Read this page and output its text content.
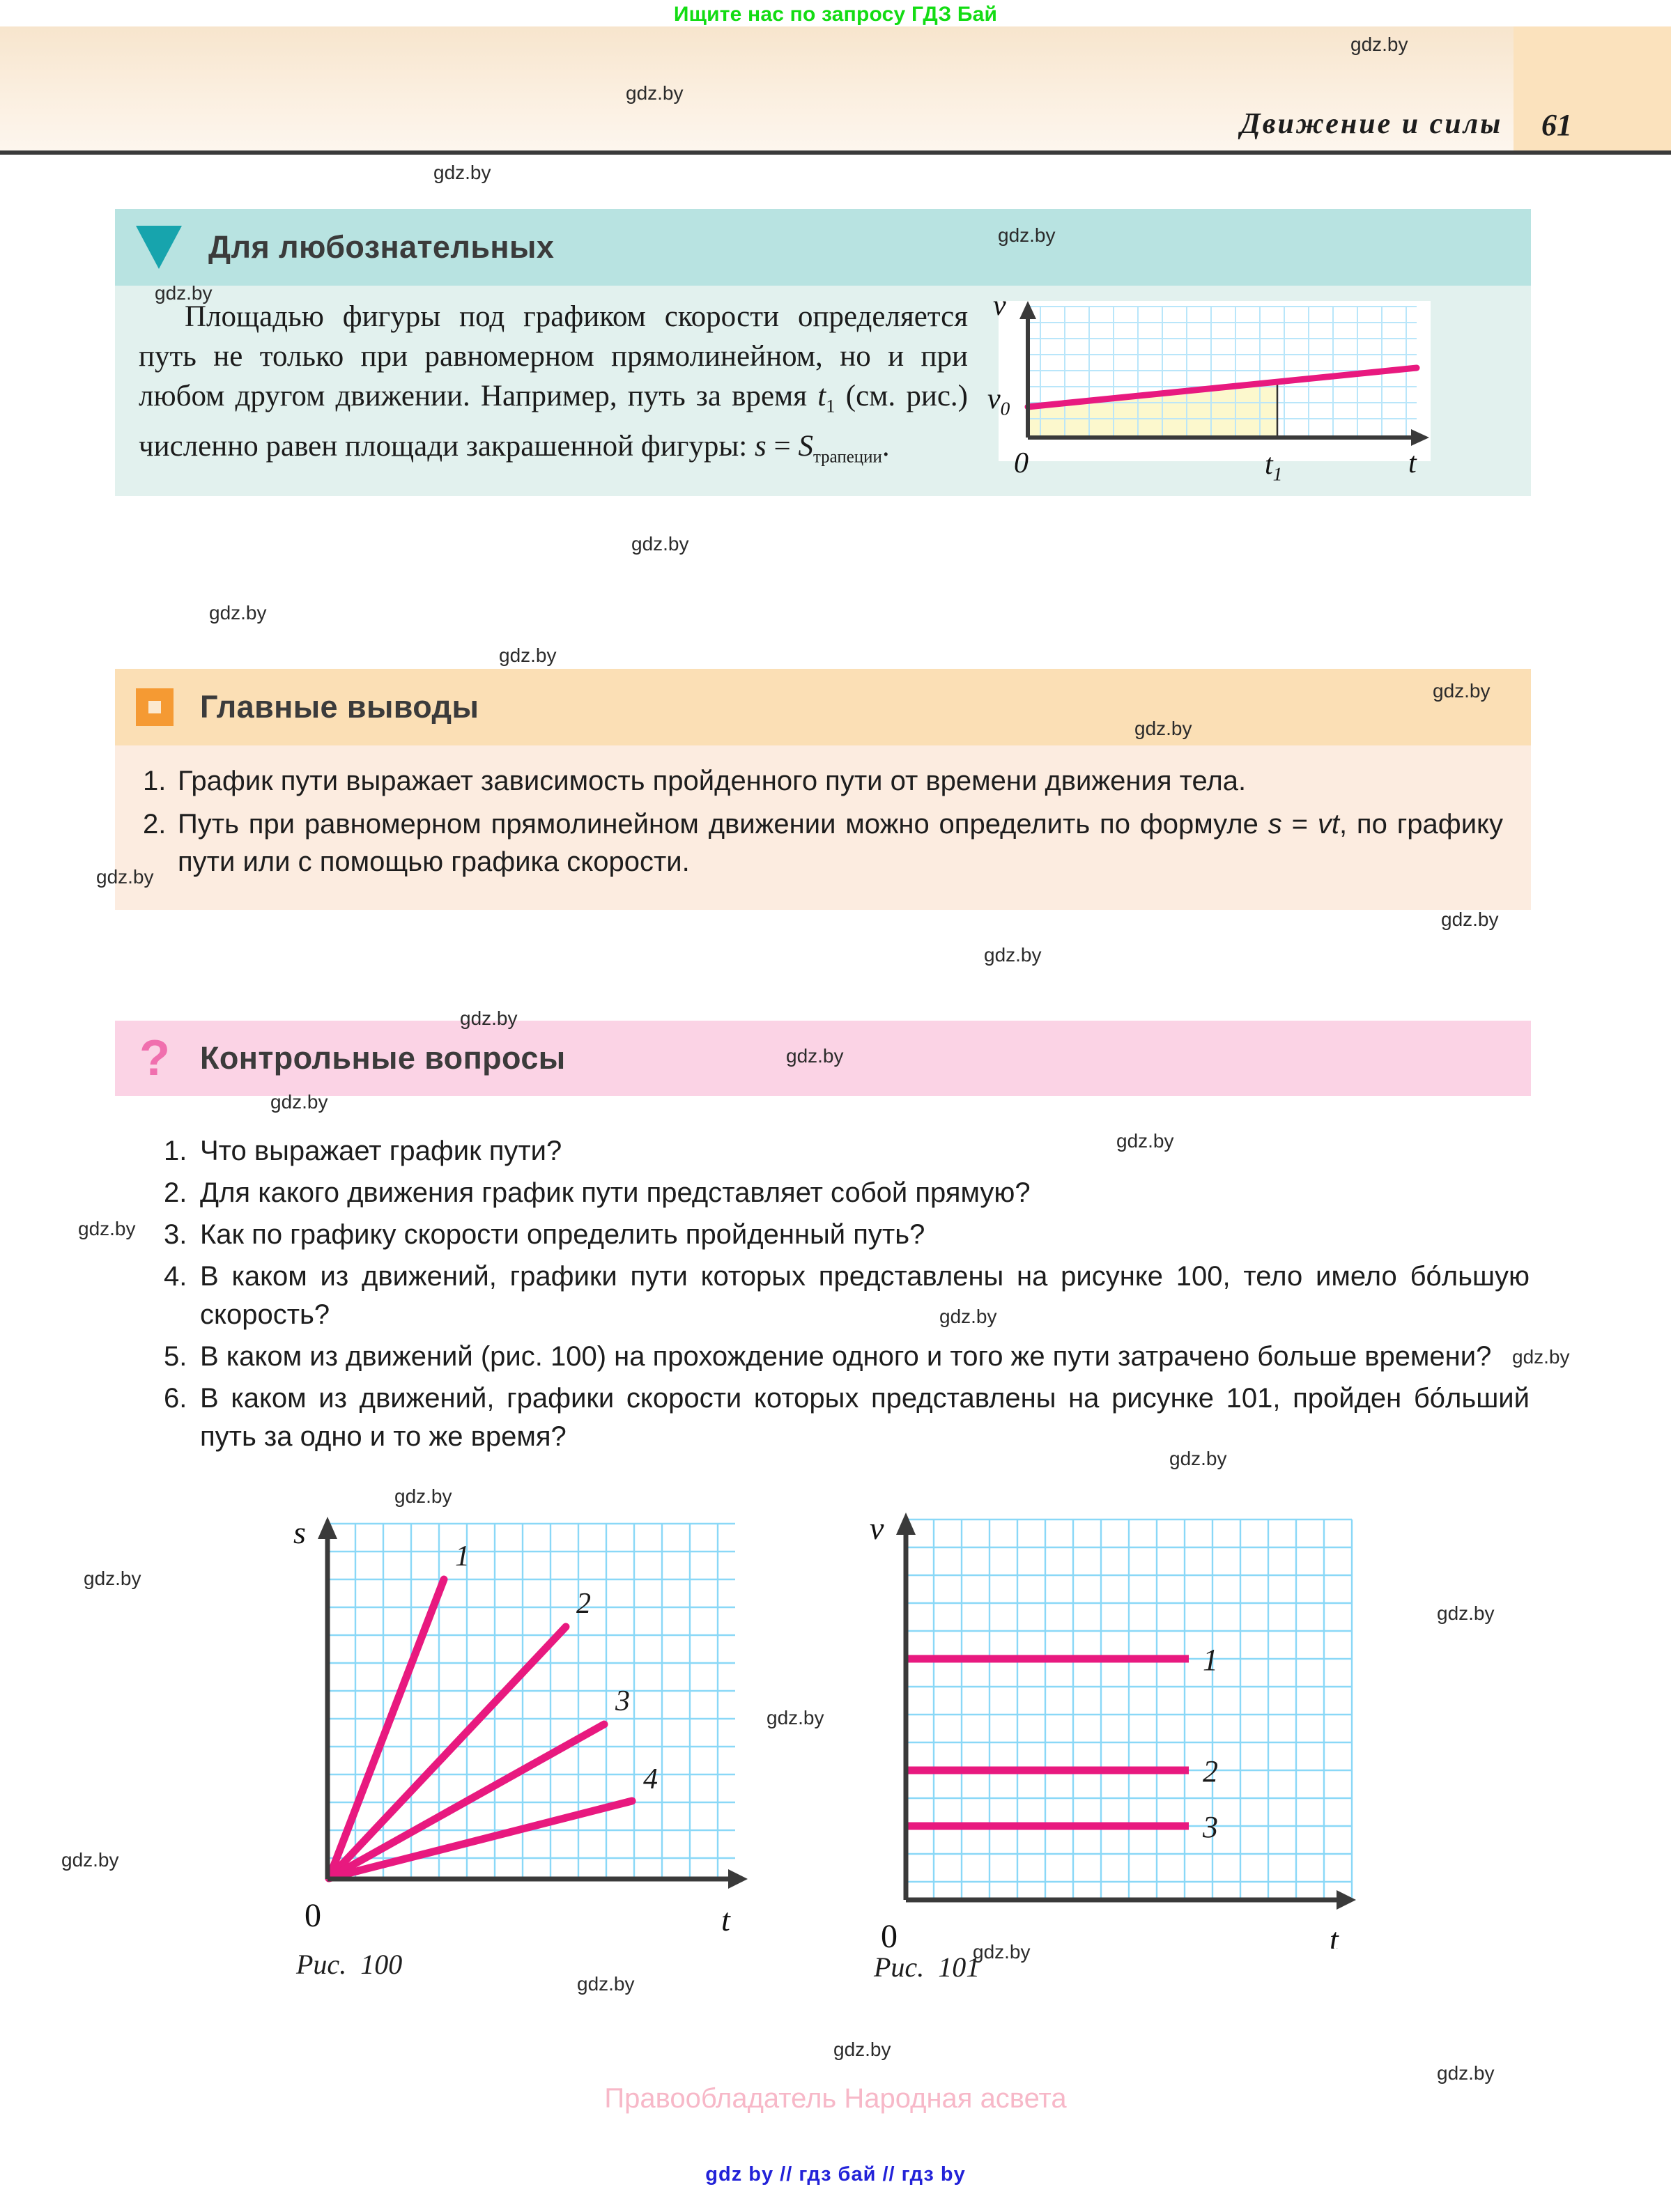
Ищите нас по запросу ГДЗ Бай
Движение и силы 61
Для любознательных
Площадью фигуры под графиком скорости определяется путь не только при равномерном прямолинейном, но и при любом другом движении. Например, путь за время $t_1$ (см. рис.) численно равен площади закрашенной фигуры: $s = S_{трапеции}$.
v
$v_0$
0	$t_1$	t
Главные выводы
1. График пути выражает зависимость пройденного пути от времени движения тела.
2. Путь при равномерном прямолинейном движении можно определить по формуле s = vt, по графику пути или с помощью графика скорости.
? Контрольные вопросы
1. Что выражает график пути?
2. Для какого движения график пути представляет собой прямую?
3. Как по графику скорости определить пройденный путь?
4. В каком из движений, графики пути которых представлены на рисунке 100, тело имело бо́льшую скорость?
5. В каком из движений (рис. 100) на прохождение одного и того же пути затрачено больше времени?
6. В каком из движений, графики скорости которых представлены на рисунке 101, пройден бо́льший путь за одно и то же время?
1
2
3
4
s
0	t
Рис.  100
1
2
3
v
0	t
Рис.  101
Правообладатель Народная асвета
gdz by // гдз бай // гдз by
gdz.by
gdz.by
gdz.by
gdz.by
gdz.by
gdz.by
gdz.by
gdz.by
gdz.by
gdz.by
gdz.by
gdz.by
gdz.by
gdz.by
gdz.by
gdz.by
gdz.by
gdz.by
gdz.by
gdz.by
gdz.by
gdz.by
gdz.by
gdz.by
gdz.by
gdz.by
gdz.by
gdz.by
gdz.by
gdz.by
